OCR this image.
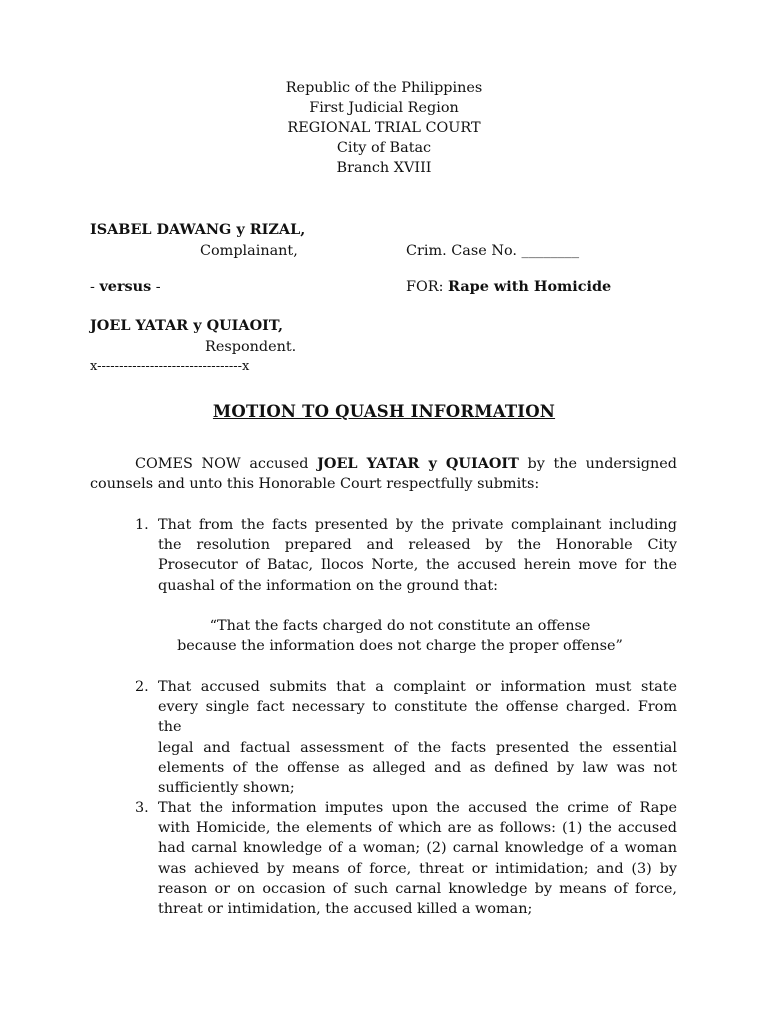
Republic of the Philippines
First Judicial Region
REGIONAL TRIAL COURT
City of Batac
Branch XVIII
ISABEL DAWANG y RIZAL,
Complainant,	Crim. Case No. ________
- versus -	FOR: Rape with Homicide
JOEL YATAR y QUIAOIT,
Respondent.
x---------------------------------x
MOTION TO QUASH INFORMATION
COMES NOW accused JOEL YATAR y QUIAOIT by the undersigned
counsels and unto this Honorable Court respectfully submits:
1. That from the facts presented by the private complainant including
the resolution prepared and released by the Honorable City
Prosecutor of Batac, Ilocos Norte, the accused herein move for the
quashal of the information on the ground that:
“That the facts charged do not constitute an offense
because the information does not charge the proper offense”
2. That accused submits that a complaint or information must state
every single fact necessary to constitute the offense charged. From the
legal and factual assessment of the facts presented the essential
elements of the offense as alleged and as defined by law was not
sufficiently shown;
3. That the information imputes upon the accused the crime of Rape
with Homicide, the elements of which are as follows: (1) the accused
had carnal knowledge of a woman; (2) carnal knowledge of a woman
was achieved by means of force, threat or intimidation; and (3) by
reason or on occasion of such carnal knowledge by means of force,
threat or intimidation, the accused killed a woman;
